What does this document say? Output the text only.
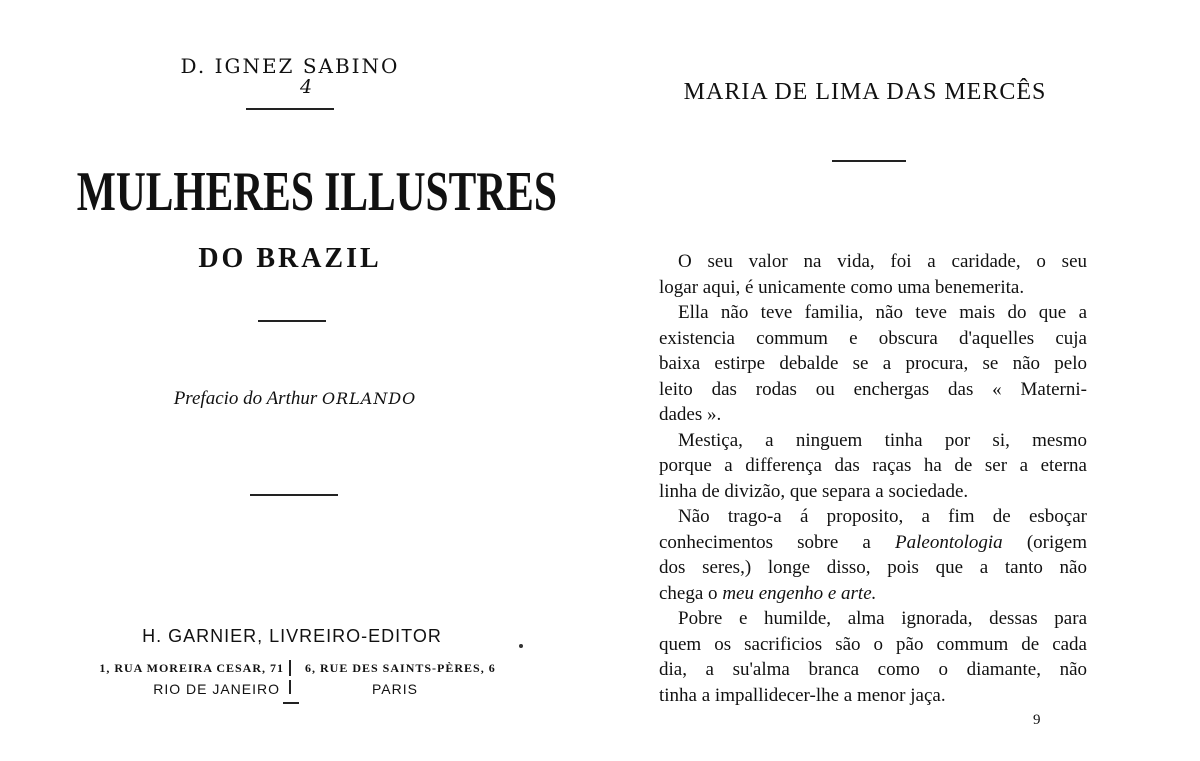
D. IGNEZ SABINO
4
MULHERES ILLUSTRES
DO BRAZIL
Prefacio do Arthur ORLANDO
H. GARNIER, LIVREIRO-EDITOR
1, RUA MOREIRA CESAR, 71 6, RUE DES SAINTS-PÈRES, 6
RIO DE JANEIRO	PARIS
MARIA DE LIMA DAS MERCÊS
O seu valor na vida, foi a caridade, o seu
logar aqui, é unicamente como uma benemerita.
Ella não teve familia, não teve mais do que a
existencia commum e obscura d'aquelles cuja
baixa estirpe debalde se a procura, se não pelo
leito das rodas ou enchergas das « Materni-
dades ».
Mestiça, a ninguem tinha por si, mesmo
porque a differença das raças ha de ser a eterna
linha de divizão, que separa a sociedade.
Não trago-a á proposito, a fim de esboçar
conhecimentos sobre a Paleontologia (origem
dos seres,) longe disso, pois que a tanto não
chega o meu engenho e arte.
Pobre e humilde, alma ignorada, dessas para
quem os sacrificios são o pão commum de cada
dia, a su'alma branca como o diamante, não
tinha a impallidecer-lhe a menor jaça.
9
